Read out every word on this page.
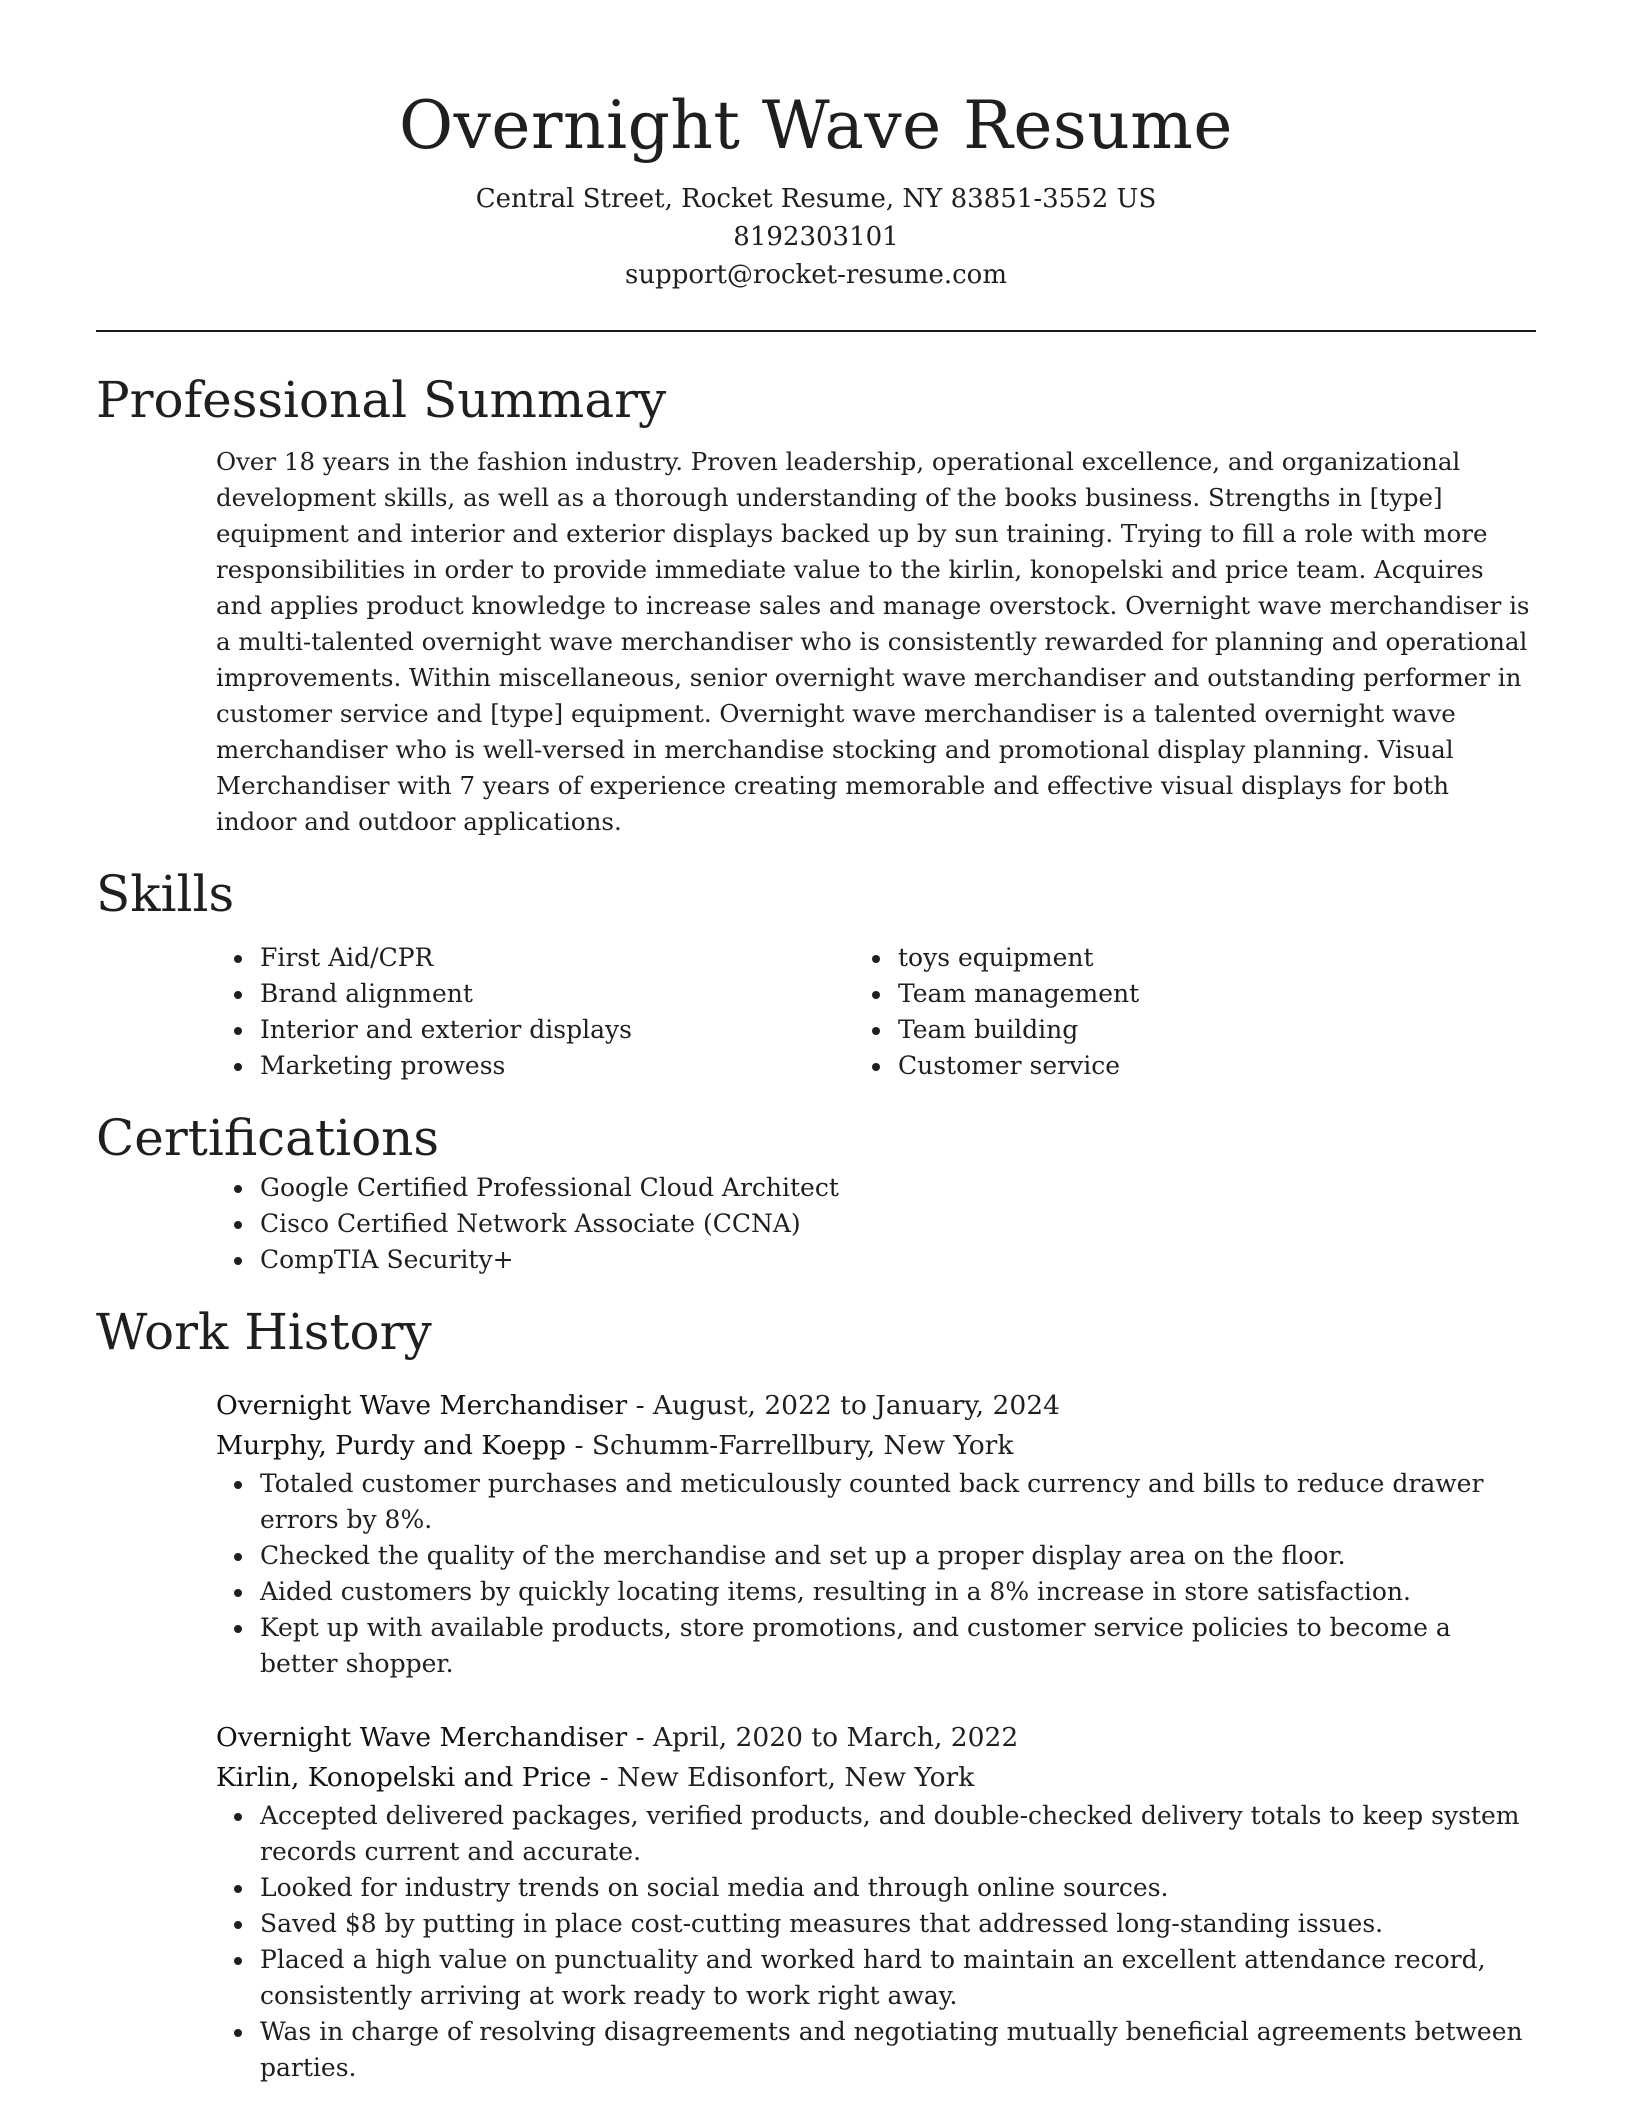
Overnight Wave Resume
Central Street, Rocket Resume, NY 83851-3552 US
8192303101
support@rocket-resume.com
Professional Summary
Over 18 years in the fashion industry. Proven leadership, operational excellence, and organizational development skills, as well as a thorough understanding of the books business. Strengths in [type] equipment and interior and exterior displays backed up by sun training. Trying to fill a role with more responsibilities in order to provide immediate value to the kirlin, konopelski and price team. Acquires and applies product knowledge to increase sales and manage overstock. Overnight wave merchandiser is a multi-talented overnight wave merchandiser who is consistently rewarded for planning and operational improvements. Within miscellaneous, senior overnight wave merchandiser and outstanding performer in customer service and [type] equipment. Overnight wave merchandiser is a talented overnight wave merchandiser who is well-versed in merchandise stocking and promotional display planning. Visual Merchandiser with 7 years of experience creating memorable and effective visual displays for both indoor and outdoor applications.
Skills
First Aid/CPR
Brand alignment
Interior and exterior displays
Marketing prowess
toys equipment
Team management
Team building
Customer service
Certifications
Google Certified Professional Cloud Architect
Cisco Certified Network Associate (CCNA)
CompTIA Security+
Work History
Overnight Wave Merchandiser - August, 2022 to January, 2024
Murphy, Purdy and Koepp - Schumm-Farrellbury, New York
Totaled customer purchases and meticulously counted back currency and bills to reduce drawer errors by 8%.
Checked the quality of the merchandise and set up a proper display area on the floor.
Aided customers by quickly locating items, resulting in a 8% increase in store satisfaction.
Kept up with available products, store promotions, and customer service policies to become a better shopper.
Overnight Wave Merchandiser - April, 2020 to March, 2022
Kirlin, Konopelski and Price - New Edisonfort, New York
Accepted delivered packages, verified products, and double-checked delivery totals to keep system records current and accurate.
Looked for industry trends on social media and through online sources.
Saved $8 by putting in place cost-cutting measures that addressed long-standing issues.
Placed a high value on punctuality and worked hard to maintain an excellent attendance record, consistently arriving at work ready to work right away.
Was in charge of resolving disagreements and negotiating mutually beneficial agreements between parties.
